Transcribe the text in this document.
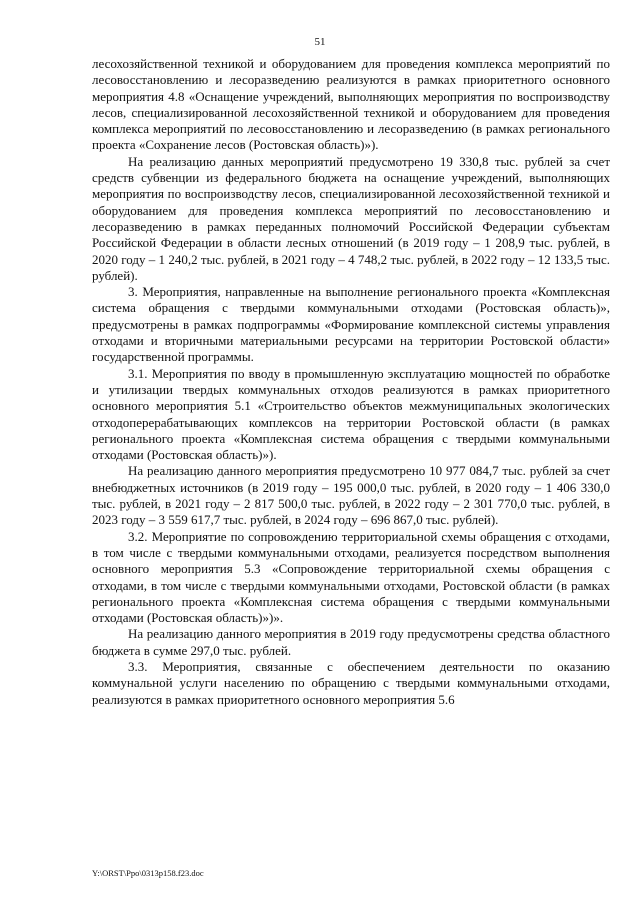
51

лесохозяйственной техникой и оборудованием для проведения комплекса мероприятий по лесовосстановлению и лесоразведению реализуются в рамках приоритетного основного мероприятия 4.8 «Оснащение учреждений, выполняющих мероприятия по воспроизводству лесов, специализированной лесохозяйственной техникой и оборудованием для проведения комплекса мероприятий по лесовосстановлению и лесоразведению (в рамках регионального проекта «Сохранение лесов (Ростовская область)»).

На реализацию данных мероприятий предусмотрено 19 330,8 тыс. рублей за счет средств субвенции из федерального бюджета на оснащение учреждений, выполняющих мероприятия по воспроизводству лесов, специализированной лесохозяйственной техникой и оборудованием для проведения комплекса мероприятий по лесовосстановлению и лесоразведению в рамках переданных полномочий Российской Федерации субъектам Российской Федерации в области лесных отношений (в 2019 году – 1 208,9 тыс. рублей, в 2020 году – 1 240,2 тыс. рублей, в 2021 году – 4 748,2 тыс. рублей, в 2022 году – 12 133,5 тыс. рублей).

3. Мероприятия, направленные на выполнение регионального проекта «Комплексная система обращения с твердыми коммунальными отходами (Ростовская область)», предусмотрены в рамках подпрограммы «Формирование комплексной системы управления отходами и вторичными материальными ресурсами на территории Ростовской области» государственной программы.

3.1. Мероприятия по вводу в промышленную эксплуатацию мощностей по обработке и утилизации твердых коммунальных отходов реализуются в рамках приоритетного основного мероприятия 5.1 «Строительство объектов межмуниципальных экологических отходоперерабатывающих комплексов на территории Ростовской области (в рамках регионального проекта «Комплексная система обращения с твердыми коммунальными отходами (Ростовская область)»).

На реализацию данного мероприятия предусмотрено 10 977 084,7 тыс. рублей за счет внебюджетных источников (в 2019 году – 195 000,0 тыс. рублей, в 2020 году – 1 406 330,0 тыс. рублей, в 2021 году – 2 817 500,0 тыс. рублей, в 2022 году – 2 301 770,0 тыс. рублей, в 2023 году – 3 559 617,7 тыс. рублей, в 2024 году – 696 867,0 тыс. рублей).

3.2. Мероприятие по сопровождению территориальной схемы обращения с отходами, в том числе с твердыми коммунальными отходами, реализуется посредством выполнения основного мероприятия 5.3 «Сопровождение территориальной схемы обращения с отходами, в том числе с твердыми коммунальными отходами, Ростовской области (в рамках регионального проекта «Комплексная система обращения с твердыми коммунальными отходами (Ростовская область)»)».

На реализацию данного мероприятия в 2019 году предусмотрены средства областного бюджета в сумме 297,0 тыс. рублей.

3.3. Мероприятия, связанные с обеспечением деятельности по оказанию коммунальной услуги населению по обращению с твердыми коммунальными отходами, реализуются в рамках приоритетного основного мероприятия 5.6

Y:\ORST\Ppo\0313p158.f23.doc
